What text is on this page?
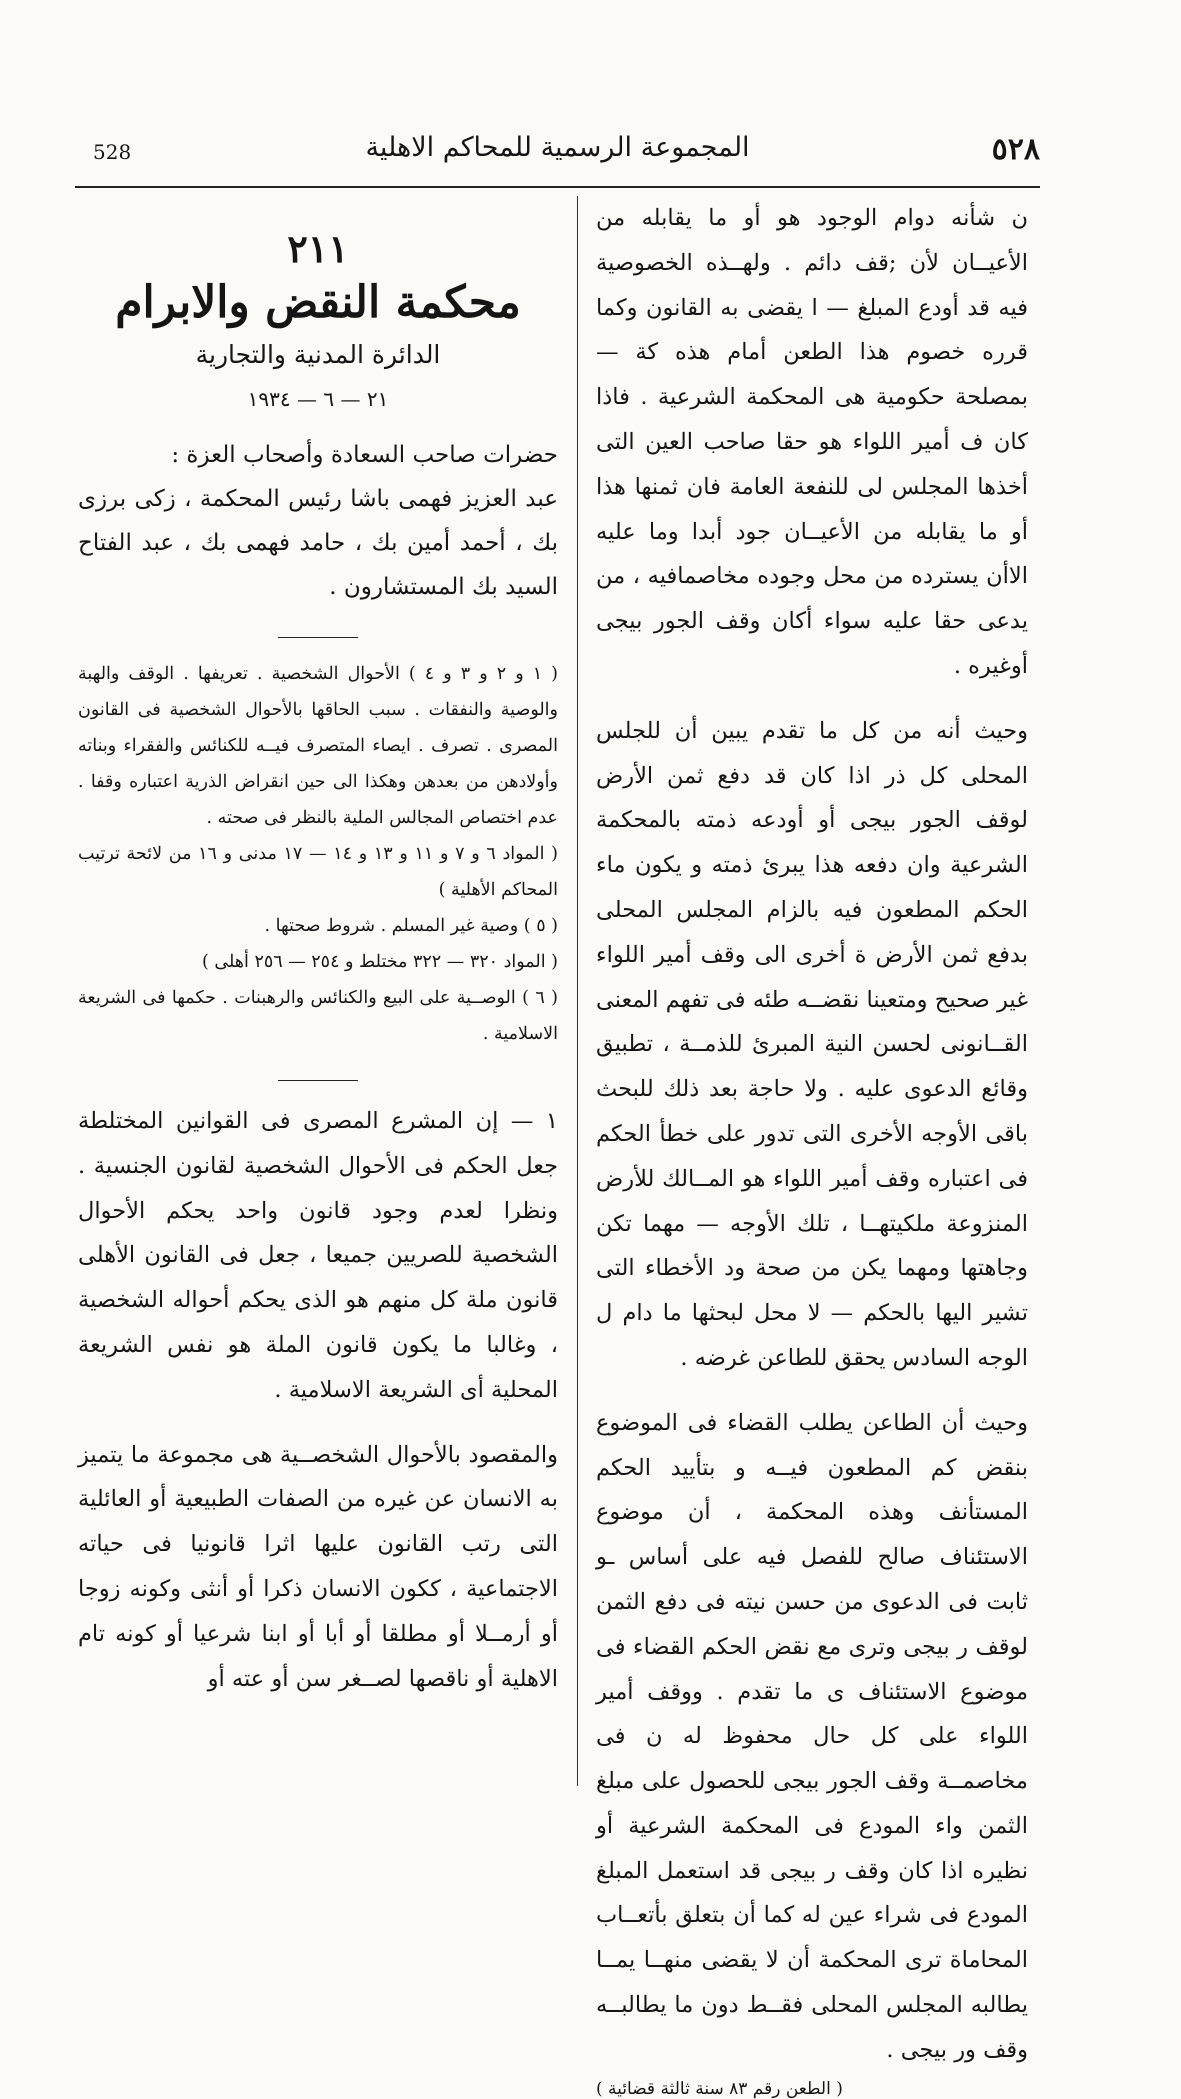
528	المجموعة الرسمية للمحاكم الاهلية	٥٢٨

ن شأنه دوام الوجود هو أو ما يقابله من الأعيــان لأن ;قف دائم . ولهــذه الخصوصية فيه قد أودع المبلغ — ا يقضى به القانون وكما قرره خصوم هذا الطعن أمام هذه كة — بمصلحة حكومية هى المحكمة الشرعية . فاذا كان ف أمير اللواء هو حقا صاحب العين التى أخذها المجلس لى للنفعة العامة فان ثمنها هذا أو ما يقابله من الأعيــان جود أبدا وما عليه الاأن يسترده من محل وجوده مخاصمافيه ، من يدعى حقا عليه سواء أكان وقف الجور بيجى أوغيره .

وحيث أنه من كل ما تقدم يبين أن للجلس المحلى كل ذر اذا كان قد دفع ثمن الأرض لوقف الجور بيجى أو أودعه ذمته بالمحكمة الشرعية وان دفعه هذا يبرئ ذمته و يكون ماء الحكم المطعون فيه بالزام المجلس المحلى بدفع ثمن الأرض ة أخرى الى وقف أمير اللواء غير صحيح ومتعينا نقضــه طئه فى تفهم المعنى القــانونى لحسن النية المبرئ للذمــة ، تطبيق وقائع الدعوى عليه . ولا حاجة بعد ذلك للبحث باقى الأوجه الأخرى التى تدور على خطأ الحكم فى اعتباره وقف أمير اللواء هو المــالك للأرض المنزوعة ملكيتهــا ، تلك الأوجه — مهما تكن وجاهتها ومهما يكن من صحة ود الأخطاء التى تشير اليها بالحكم — لا محل لبحثها ما دام ل الوجه السادس يحقق للطاعن غرضه .

وحيث أن الطاعن يطلب القضاء فى الموضوع بنقض كم المطعون فيــه و بتأييد الحكم المستأنف وهذه المحكمة ، أن موضوع الاستئناف صالح للفصل فيه على أساس ـو ثابت فى الدعوى من حسن نيته فى دفع الثمن لوقف ر بيجى وترى مع نقض الحكم القضاء فى موضوع الاستئناف ى ما تقدم . ووقف أمير اللواء على كل حال محفوظ له ن فى مخاصمــة وقف الجور بيجى للحصول على مبلغ الثمن واء المودع فى المحكمة الشرعية أو نظيره اذا كان وقف ر بيجى قد استعمل المبلغ المودع فى شراء عين له كما أن بتعلق بأتعــاب المحاماة ترى المحكمة أن لا يقضى منهــا يمــا يطالبه المجلس المحلى فقــط دون ما يطالبــه وقف ور بيجى .

( الطعن رقم ٨٣ سنة ثالثة قضائية )
٢١١
محكمة النقض والابرام
الدائرة المدنية والتجارية
٢١ — ٦ — ١٩٣٤
حضرات صاحب السعادة وأصحاب العزة :

عبد العزيز فهمى باشا رئيس المحكمة ، زكى برزى بك ، أحمد أمين بك ، حامد فهمى بك ، عبد الفتاح السيد بك المستشارون .

( ١ و ٢ و ٣ و ٤ ) الأحوال الشخصية . تعريفها . الوقف والهبة والوصية والنفقات . سبب الحاقها بالأحوال الشخصية فى القانون المصرى . تصرف . ايصاء المتصرف فيــه للكنائس والفقراء وبناته وأولادهن من بعدهن وهكذا الى حين انقراض الذرية اعتباره وقفا . عدم اختصاص المجالس الملية بالنظر فى صحته .

( المواد ٦ و ٧ و ١١ و ١٣ و ١٤ — ١٧ مدنى و ١٦ من لائحة ترتيب المحاكم الأهلية )

( ٥ ) وصية غير المسلم . شروط صحتها .

( المواد ٣٢٠ — ٣٢٢ مختلط و ٢٥٤ — ٢٥٦ أهلى )

( ٦ ) الوصــية على البيع والكنائس والرهبنات . حكمها فى الشريعة الاسلامية .

١ — إن المشرع المصرى فى القوانين المختلطة جعل الحكم فى الأحوال الشخصية لقانون الجنسية . ونظرا لعدم وجود قانون واحد يحكم الأحوال الشخصية للصريين جميعا ، جعل فى القانون الأهلى قانون ملة كل منهم هو الذى يحكم أحواله الشخصية ، وغالبا ما يكون قانون الملة هو نفس الشريعة المحلية أى الشريعة الاسلامية .

والمقصود بالأحوال الشخصــية هى مجموعة ما يتميز به الانسان عن غيره من الصفات الطبيعية أو العائلية التى رتب القانون عليها اثرا قانونيا فى حياته الاجتماعية ، ككون الانسان ذكرا أو أنثى وكونه زوجا أو أرمــلا أو مطلقا أو أبا أو ابنا شرعيا أو كونه تام الاهلية أو ناقصها لصــغر سن أو عته أو
